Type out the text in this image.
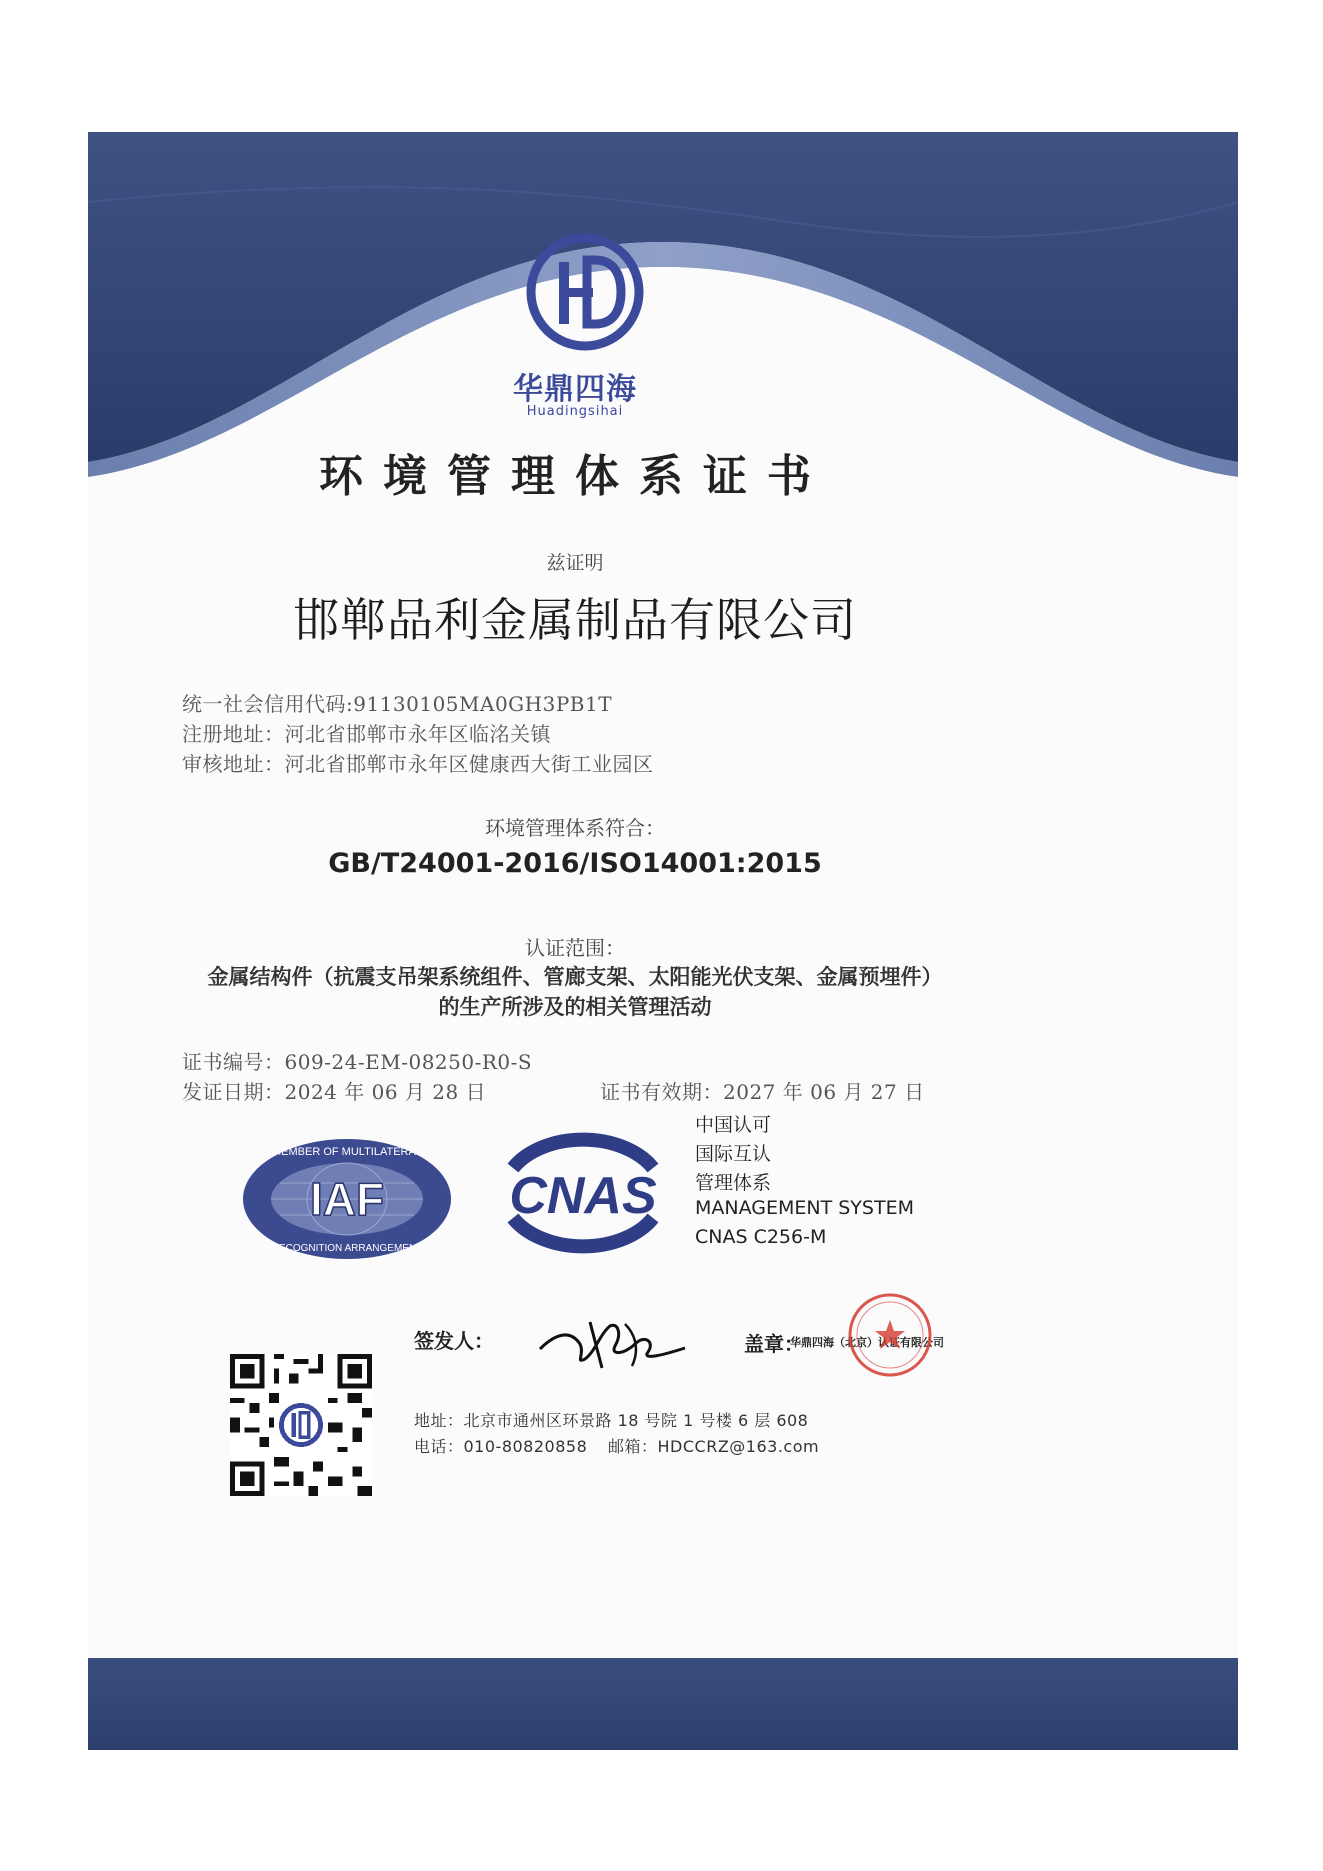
华鼎四海
Huadingsihai
环境管理体系证书
兹证明
邯郸品利金属制品有限公司
统一社会信用代码:91130105MA0GH3PB1T
注册地址：河北省邯郸市永年区临洺关镇
审核地址：河北省邯郸市永年区健康西大街工业园区
环境管理体系符合：
GB/T24001-2016/ISO14001:2015
认证范围：
金属结构件（抗震支吊架系统组件、管廊支架、太阳能光伏支架、金属预埋件）
的生产所涉及的相关管理活动
证书编号：609-24-EM-08250-R0-S
发证日期：2024 年 06 月 28 日	证书有效期：2027 年 06 月 27 日
IAF
MEMBER OF MULTILATERAL
RECOGNITION ARRANGEMENT
CNAS
中国认可
国际互认
管理体系
MANAGEMENT SYSTEM
CNAS C256-M
签发人：	盖章：
华鼎四海（北京）认证有限公司
地址：北京市通州区环景路 18 号院 1 号楼 6 层 608
电话：010-80820858 邮箱：HDCCRZ@163.com
